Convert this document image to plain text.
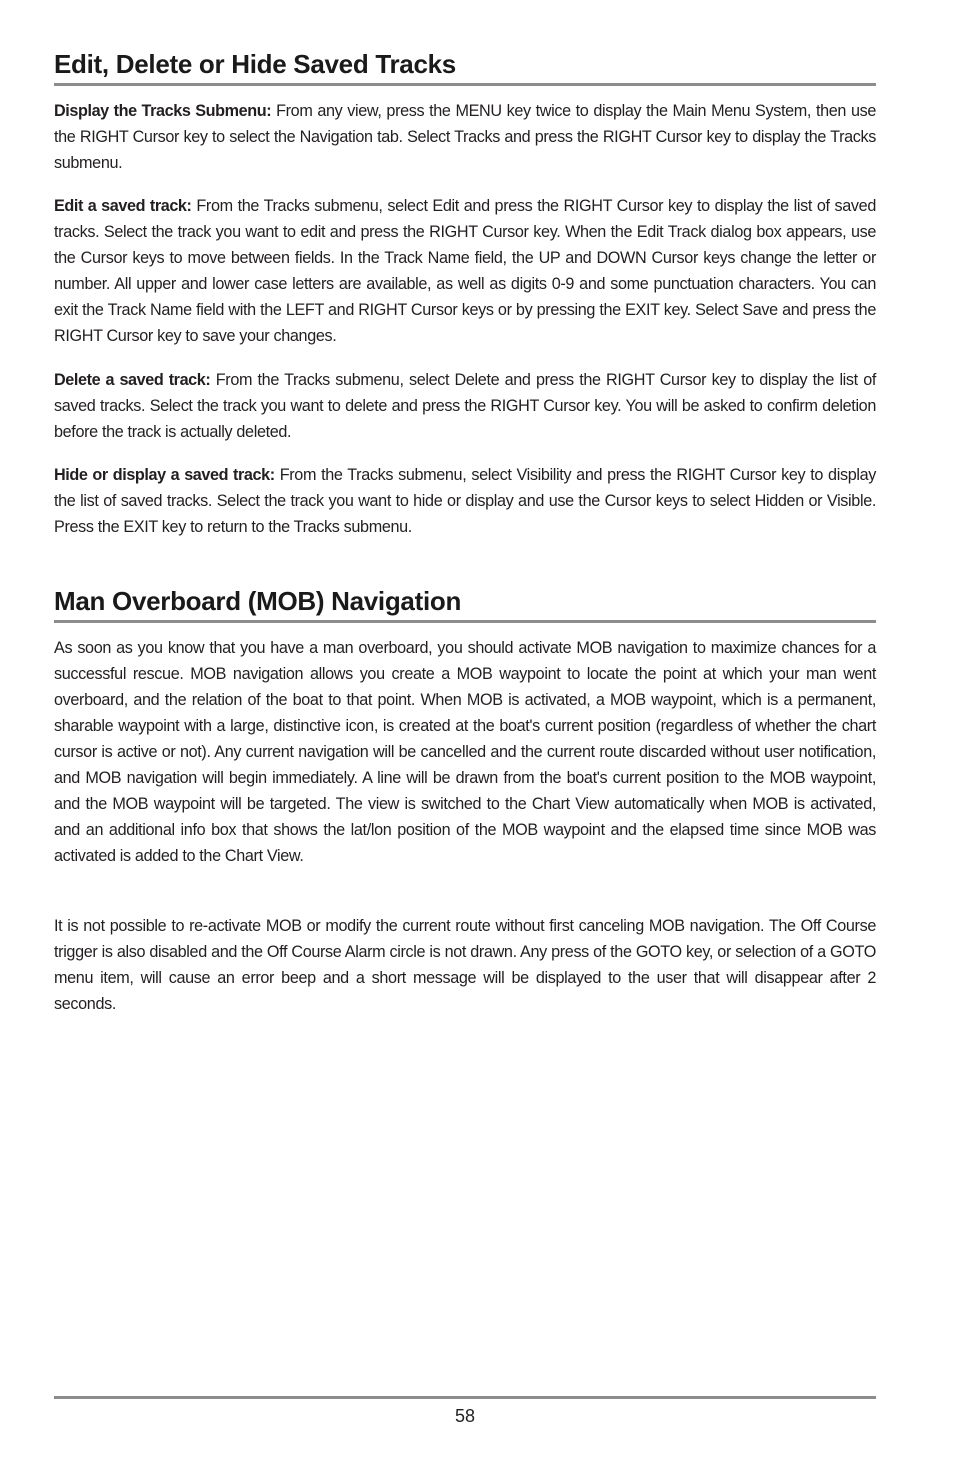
Edit, Delete or Hide Saved Tracks

Display the Tracks Submenu: From any view, press the MENU key twice to display the Main Menu System, then use the RIGHT Cursor key to select the Navigation tab. Select Tracks and press the RIGHT Cursor key to display the Tracks submenu.

Edit a saved track: From the Tracks submenu, select Edit and press the RIGHT Cursor key to display the list of saved tracks. Select the track you want to edit and press the RIGHT Cursor key. When the Edit Track dialog box appears, use the Cursor keys to move between fields. In the Track Name field, the UP and DOWN Cursor keys change the letter or number. All upper and lower case letters are available, as well as digits 0-9 and some punctuation characters. You can exit the Track Name field with the LEFT and RIGHT Cursor keys or by pressing the EXIT key. Select Save and press the RIGHT Cursor key to save your changes.

Delete a saved track: From the Tracks submenu, select Delete and press the RIGHT Cursor key to display the list of saved tracks. Select the track you want to delete and press the RIGHT Cursor key. You will be asked to confirm deletion before the track is actually deleted.

Hide or display a saved track: From the Tracks submenu, select Visibility and press the RIGHT Cursor key to display the list of saved tracks. Select the track you want to hide or display and use the Cursor keys to select Hidden or Visible. Press the EXIT key to return to the Tracks submenu.

Man Overboard (MOB) Navigation

As soon as you know that you have a man overboard, you should activate MOB navigation to maximize chances for a successful rescue. MOB navigation allows you create a MOB waypoint to locate the point at which your man went overboard, and the relation of the boat to that point. When MOB is activated, a MOB waypoint, which is a permanent, sharable waypoint with a large, distinctive icon, is created at the boat's current position (regardless of whether the chart cursor is active or not). Any current navigation will be cancelled and the current route discarded without user notification, and MOB navigation will begin immediately. A line will be drawn from the boat's current position to the MOB waypoint, and the MOB waypoint will be targeted. The view is switched to the Chart View automatically when MOB is activated, and an additional info box that shows the lat/lon position of the MOB waypoint and the elapsed time since MOB was activated is added to the Chart View.

It is not possible to re-activate MOB or modify the current route without first canceling MOB navigation. The Off Course trigger is also disabled and the Off Course Alarm circle is not drawn. Any press of the GOTO key, or selection of a GOTO menu item, will cause an error beep and a short message will be displayed to the user that will disappear after 2 seconds.

58
